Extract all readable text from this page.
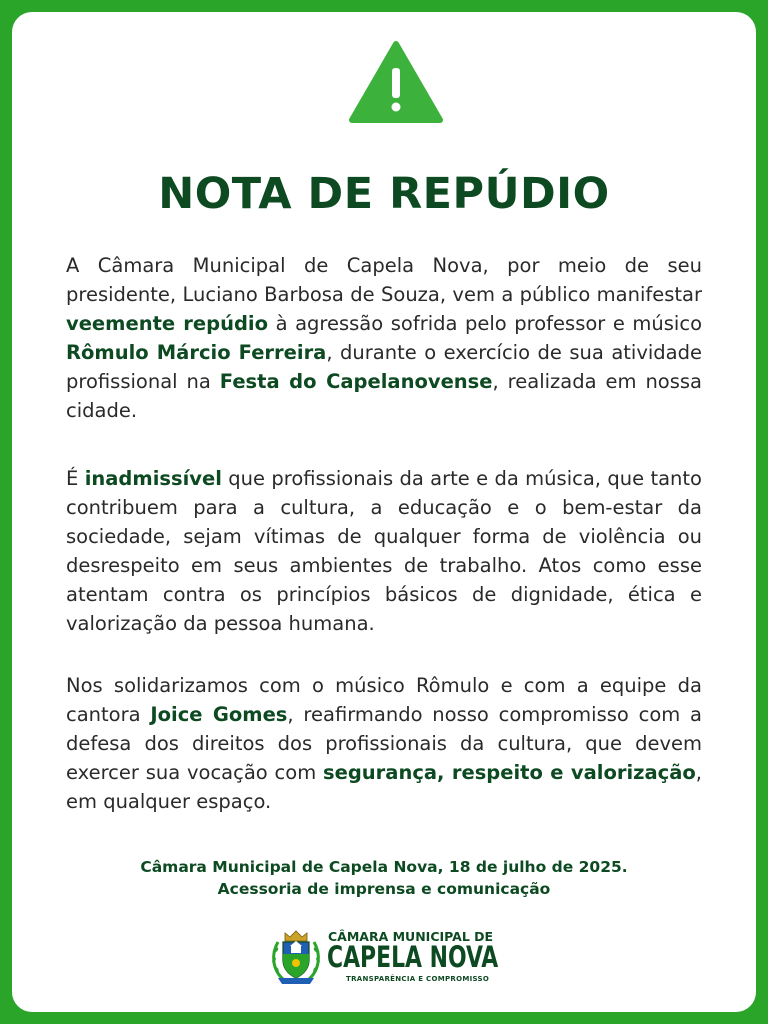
NOTA DE REPÚDIO

A Câmara Municipal de Capela Nova, por meio de seu presidente, Luciano Barbosa de Souza, vem a público manifestar veemente repúdio à agressão sofrida pelo professor e músico Rômulo Márcio Ferreira, durante o exercício de sua atividade profissional na Festa do Capelanovense, realizada em nossa cidade.

É inadmissível que profissionais da arte e da música, que tanto contribuem para a cultura, a educação e o bem-estar da sociedade, sejam vítimas de qualquer forma de violência ou desrespeito em seus ambientes de trabalho. Atos como esse atentam contra os princípios básicos de dignidade, ética e valorização da pessoa humana.

Nos solidarizamos com o músico Rômulo e com a equipe da cantora Joice Gomes, reafirmando nosso compromisso com a defesa dos direitos dos profissionais da cultura, que devem exercer sua vocação com segurança, respeito e valorização, em qualquer espaço.

Câmara Municipal de Capela Nova, 18 de julho de 2025.
Acessoria de imprensa e comunicação
CÂMARA MUNICIPAL DE
CAPELA NOVA
TRANSPARÊNCIA E COMPROMISSO
